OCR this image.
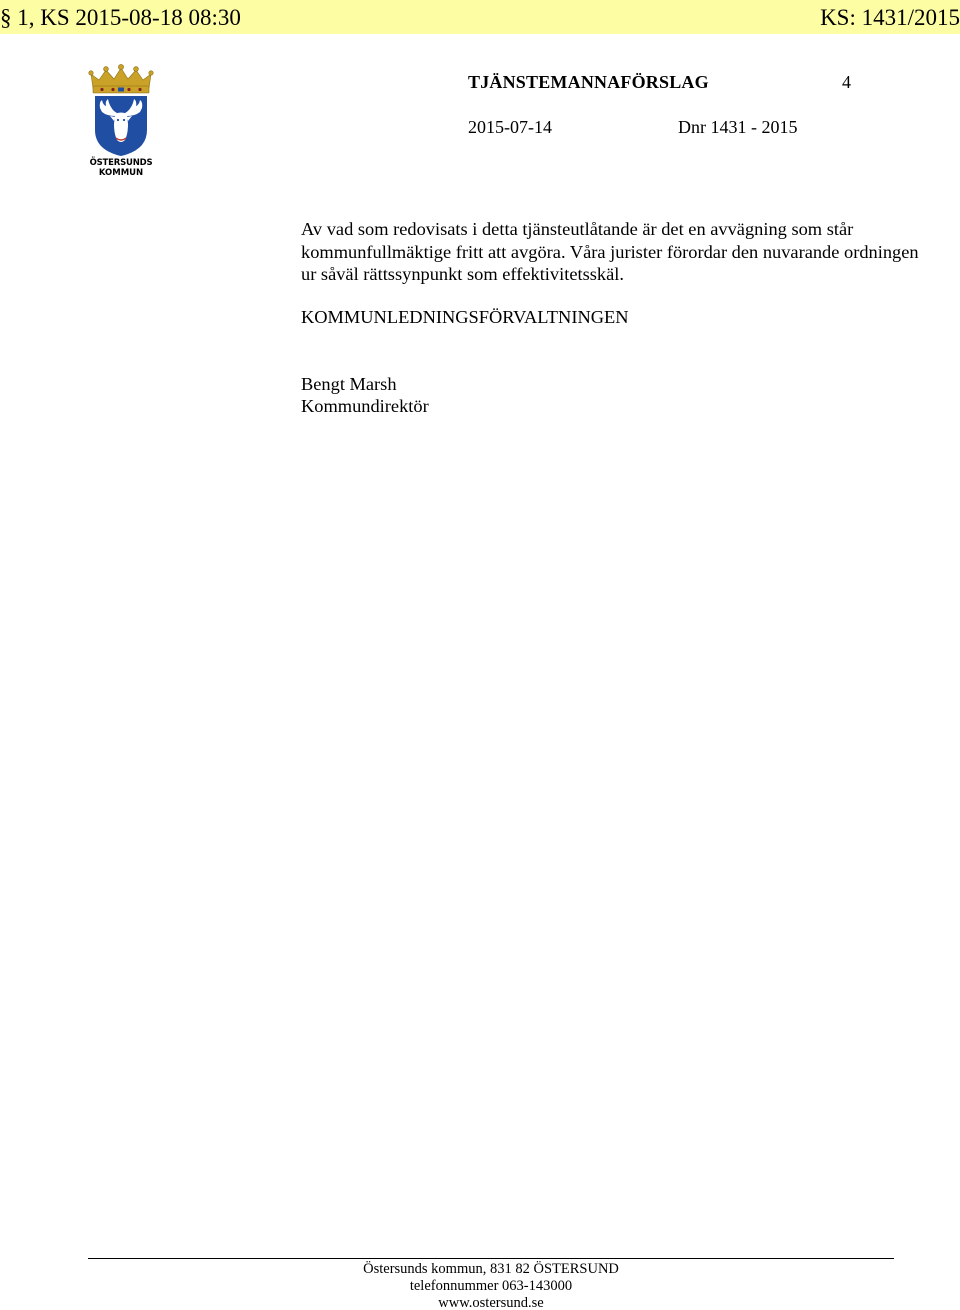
§ 1, KS 2015-08-18 08:30	KS: 1431/2015
ÖSTERSUNDS
KOMMUN
TJÄNSTEMANNAFÖRSLAG	4
2015-07-14	Dnr 1431 - 2015
Av vad som redovisats i detta tjänsteutlåtande är det en avvägning som står kommunfullmäktige fritt att avgöra. Våra jurister förordar den nuvarande ordningen ur såväl rättssynpunkt som effektivitetsskäl.
KOMMUNLEDNINGSFÖRVALTNINGEN
Bengt Marsh
Kommundirektör
Östersunds kommun, 831 82 ÖSTERSUND
telefonnummer 063-143000
www.ostersund.se
